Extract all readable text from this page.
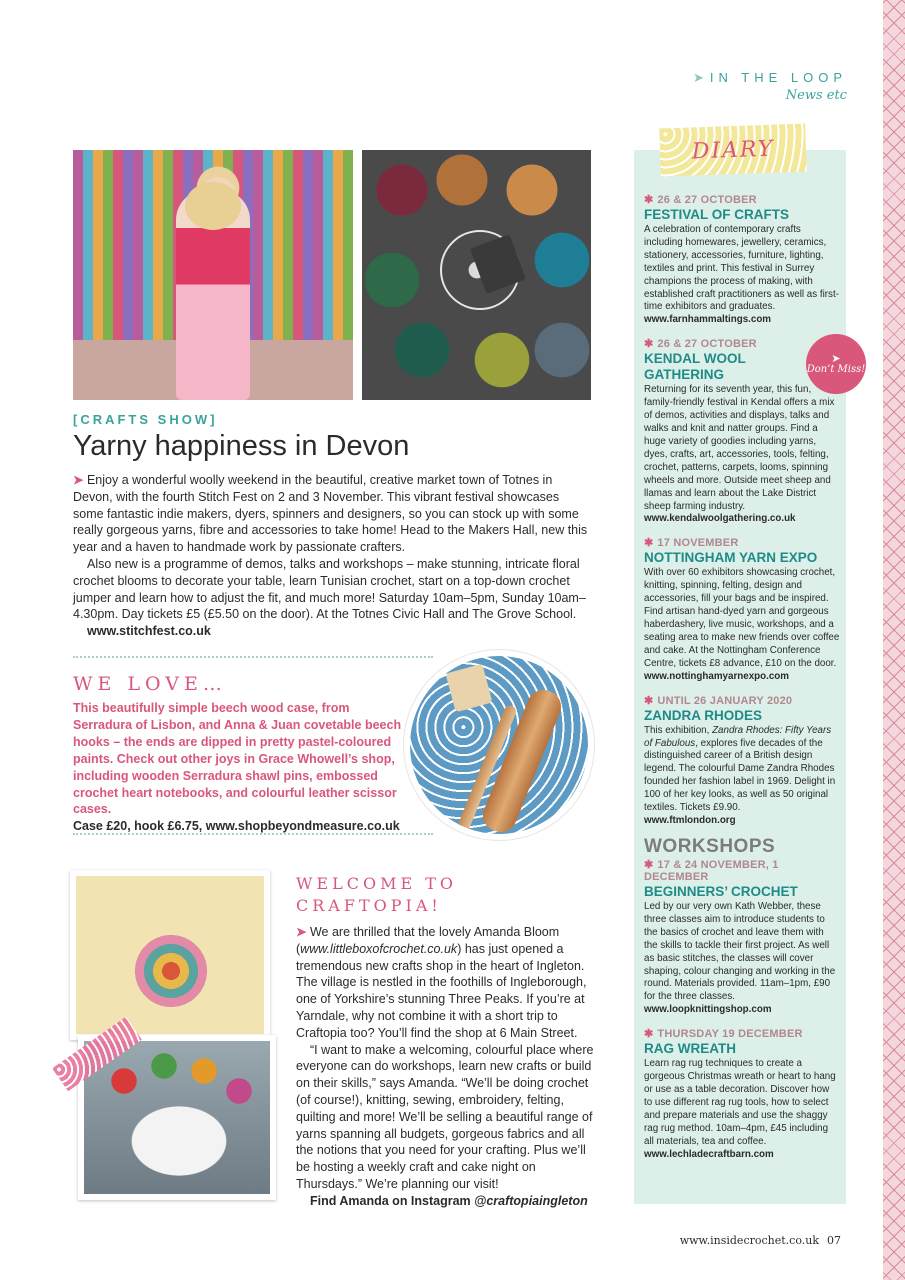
➤ IN THE LOOP
News etc
[CRAFTS SHOW]
Yarny happiness in Devon

➤ Enjoy a wonderful woolly weekend in the beautiful, creative market town of Totnes in Devon, with the fourth Stitch Fest on 2 and 3 November. This vibrant festival showcases some fantastic indie makers, dyers, spinners and designers, so you can stock up with some really gorgeous yarns, fibre and accessories to take home! Head to the Makers Hall, new this year and a haven to handmade work by passionate crafters.

Also new is a programme of demos, talks and workshops – make stunning, intricate floral crochet blooms to decorate your table, learn Tunisian crochet, start on a top-down crochet jumper and learn how to adjust the fit, and much more! Saturday 10am–5pm, Sunday 10am–4.30pm. Day tickets £5 (£5.50 on the door). At the Totnes Civic Hall and The Grove School.

www.stitchfest.co.uk

WE LOVE…
This beautifully simple beech wood case, from Serradura of Lisbon, and Anna & Juan covetable beech hooks – the ends are dipped in pretty pastel-coloured paints. Check out other joys in Grace Whowell’s shop, including wooden Serradura shawl pins, embossed crochet heart notebooks, and colourful leather scissor cases.
Case £20, hook £6.75, www.shopbeyondmeasure.co.uk
WELCOME TO CRAFTOPIA!

➤ We are thrilled that the lovely Amanda Bloom (www.littleboxofcrochet.co.uk) has just opened a tremendous new crafts shop in the heart of Ingleton. The village is nestled in the foothills of Ingleborough, one of Yorkshire’s stunning Three Peaks. If you’re at Yarndale, why not combine it with a short trip to Craftopia too? You’ll find the shop at 6 Main Street.

“I want to make a welcoming, colourful place where everyone can do workshops, learn new crafts or build on their skills,” says Amanda. “We’ll be doing crochet (of course!), knitting, sewing, embroidery, felting, quilting and more! We’ll be selling a beautiful range of yarns spanning all budgets, gorgeous fabrics and all the notions that you need for your crafting. Plus we’ll be hosting a weekly craft and cake night on Thursdays.” We’re planning our visit!

Find Amanda on Instagram @craftopiaingleton

DIARY
✱ 26 & 27 OCTOBER
FESTIVAL OF CRAFTS
A celebration of contemporary crafts including homewares, jewellery, ceramics, stationery, accessories, furniture, lighting, textiles and print. This festival in Surrey champions the process of making, with established craft practitioners as well as first-time exhibitors and graduates.
www.farnhammaltings.com
✱ 26 & 27 OCTOBER
KENDAL WOOL GATHERING
Returning for its seventh year, this fun, family-friendly festival in Kendal offers a mix of demos, activities and displays, talks and walks and knit and natter groups. Find a huge variety of goodies including yarns, dyes, crafts, art, accessories, tools, felting, crochet, patterns, carpets, looms, spinning wheels and more. Outside meet sheep and llamas and learn about the Lake District sheep farming industry.
www.kendalwoolgathering.co.uk
✱ 17 NOVEMBER
NOTTINGHAM YARN EXPO
With over 60 exhibitors showcasing crochet, knitting, spinning, felting, design and accessories, fill your bags and be inspired. Find artisan hand-dyed yarn and gorgeous haberdashery, live music, workshops, and a seating area to make new friends over coffee and cake. At the Nottingham Conference Centre, tickets £8 advance, £10 on the door.
www.nottinghamyarnexpo.com
✱ UNTIL 26 JANUARY 2020
ZANDRA RHODES
This exhibition, Zandra Rhodes: Fifty Years of Fabulous, explores five decades of the distinguished career of a British design legend. The colourful Dame Zandra Rhodes founded her fashion label in 1969. Delight in 100 of her key looks, as well as 50 original textiles. Tickets £9.90.
www.ftmlondon.org
WORKSHOPS
✱ 17 & 24 NOVEMBER, 1 DECEMBER
BEGINNERS’ CROCHET
Led by our very own Kath Webber, these three classes aim to introduce students to the basics of crochet and leave them with the skills to tackle their first project. As well as basic stitches, the classes will cover shaping, colour changing and working in the round. Materials provided. 11am–1pm, £90 for the three classes.
www.loopknittingshop.com
✱ THURSDAY 19 DECEMBER
RAG WREATH
Learn rag rug techniques to create a gorgeous Christmas wreath or heart to hang or use as a table decoration. Discover how to use different rag rug tools, how to select and prepare materials and use the shaggy rag rug method. 10am–4pm, £45 including all materials, tea and coffee.
www.lechladecraftbarn.com
➤
Don’t Miss!
www.insidecrochet.co.uk 07
